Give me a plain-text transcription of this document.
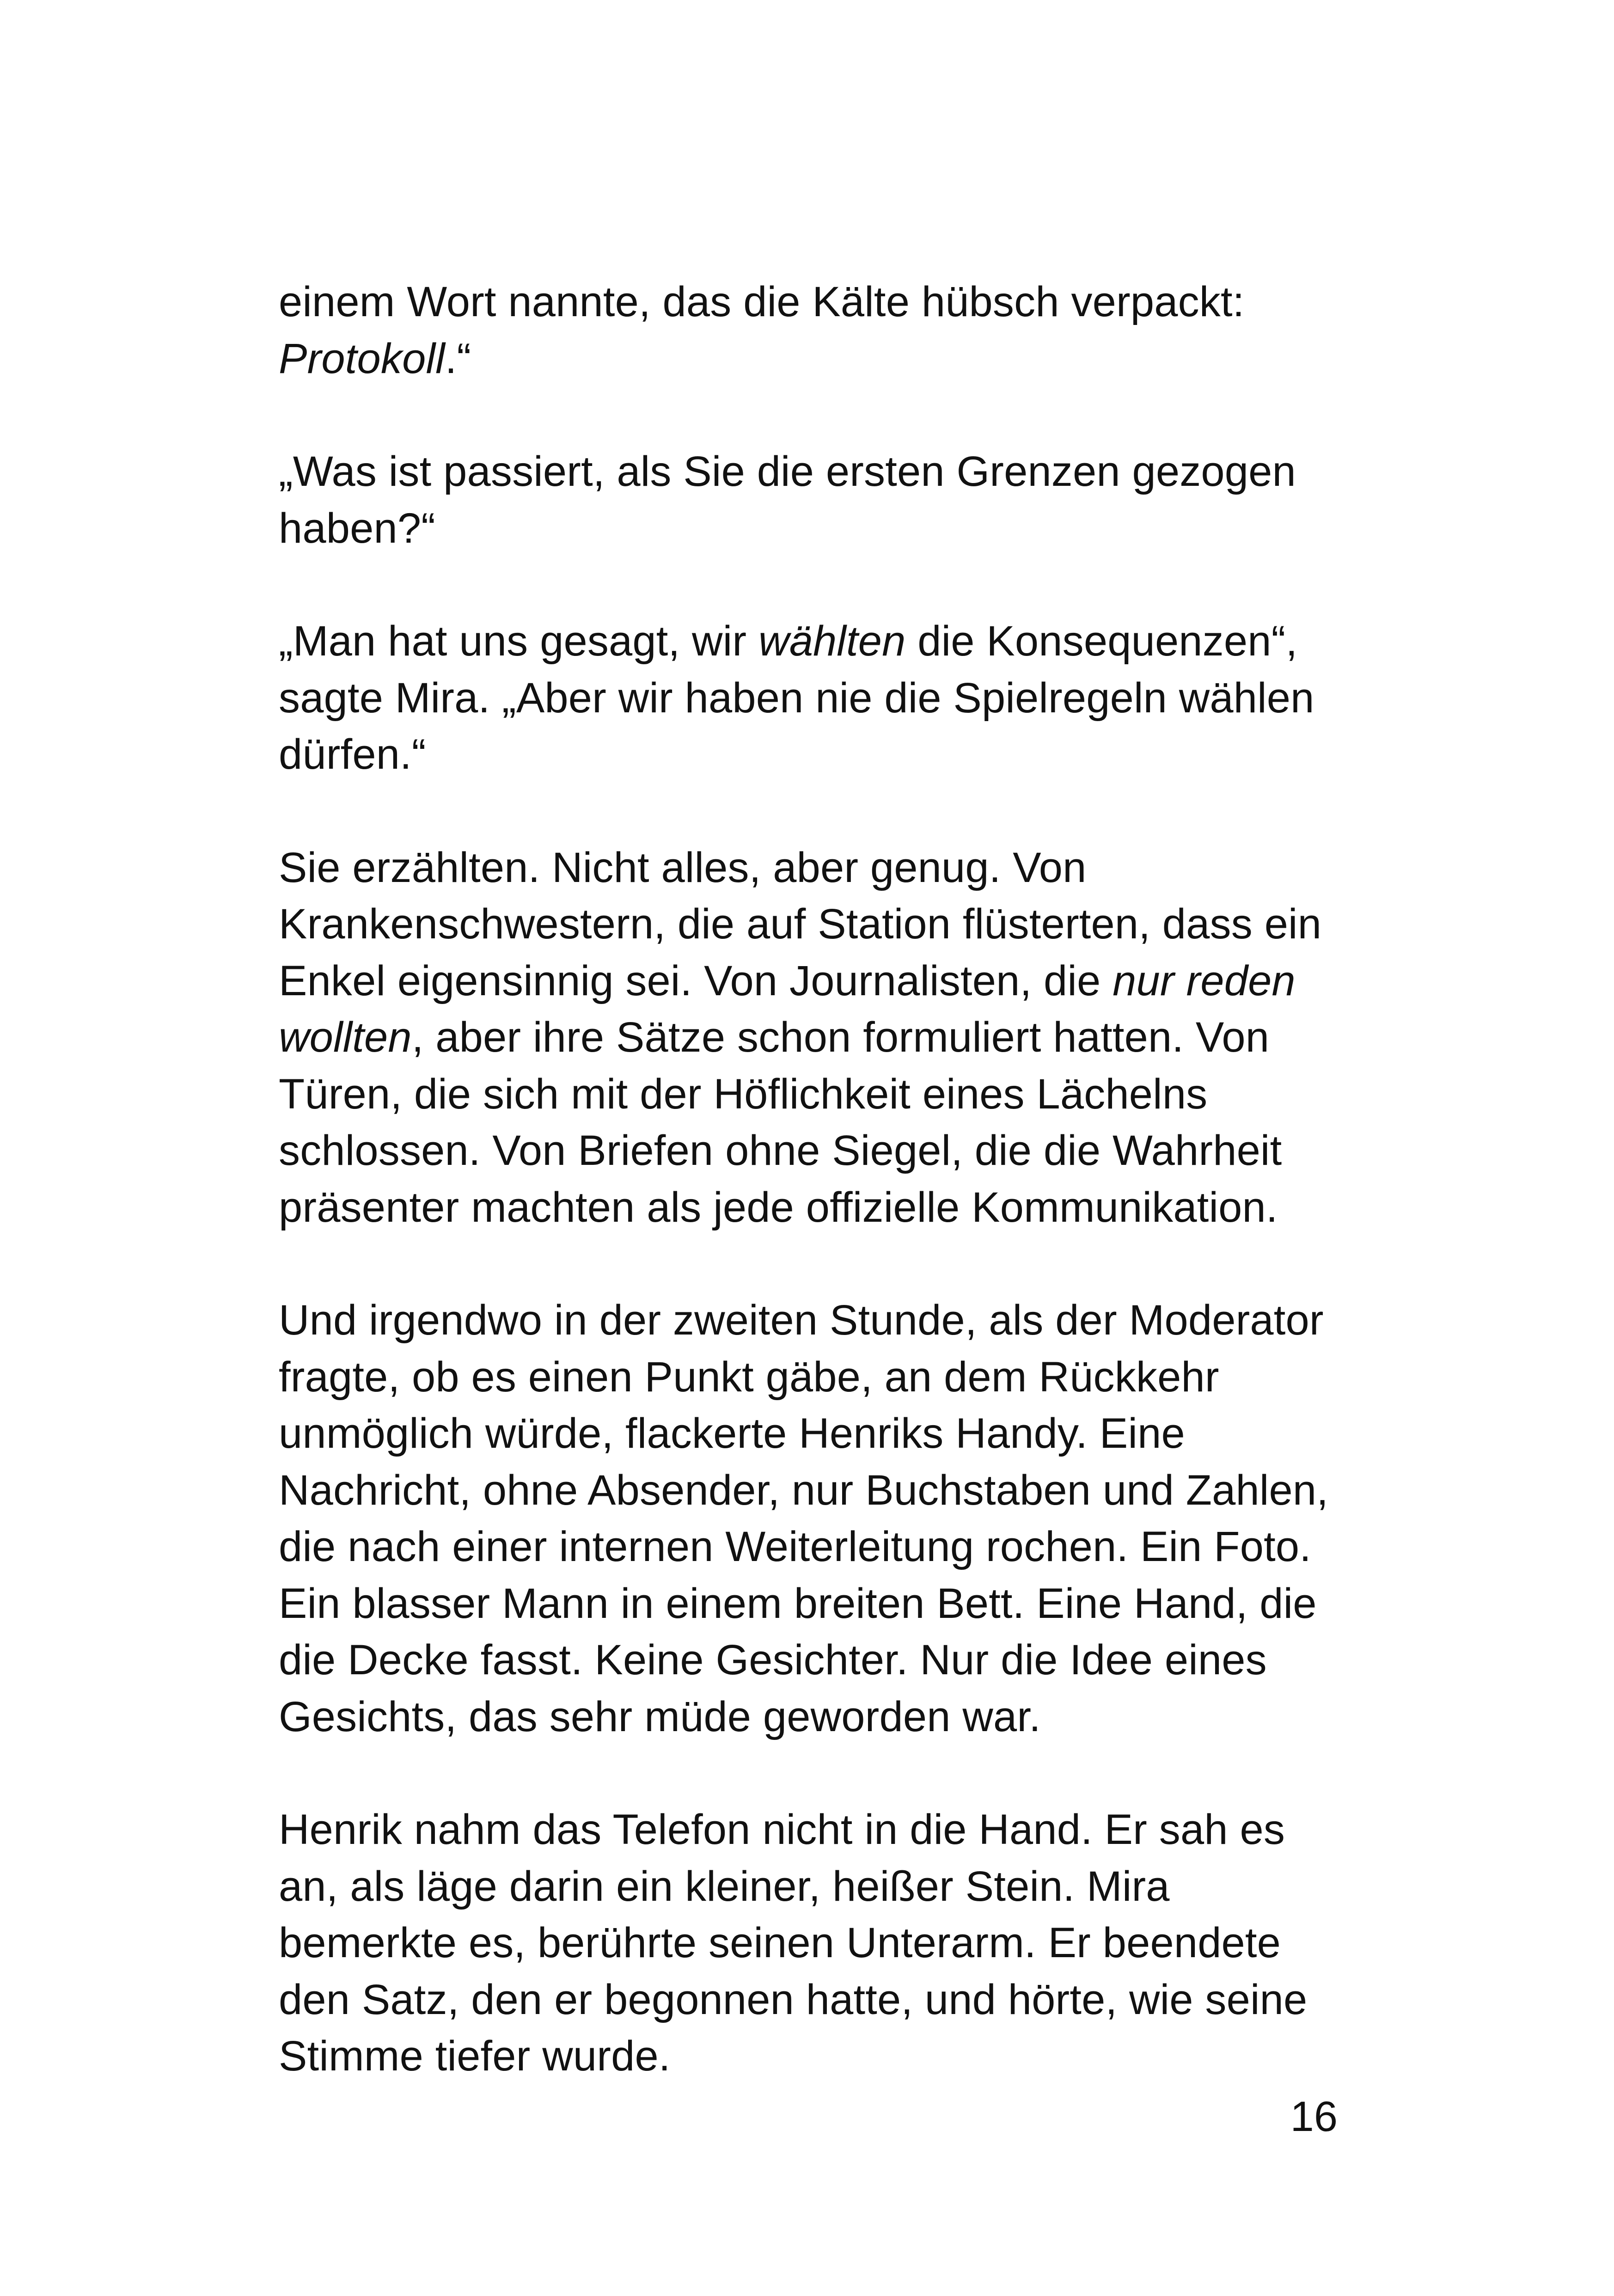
einem Wort nannte, das die Kälte hübsch verpackt:
Protokoll.“

„Was ist passiert, als Sie die ersten Grenzen gezogen
haben?“

„Man hat uns gesagt, wir wählten die Konsequenzen“,
sagte Mira. „Aber wir haben nie die Spielregeln wählen
dürfen.“

Sie erzählten. Nicht alles, aber genug. Von
Krankenschwestern, die auf Station flüsterten, dass ein
Enkel eigensinnig sei. Von Journalisten, die nur reden
wollten, aber ihre Sätze schon formuliert hatten. Von
Türen, die sich mit der Höflichkeit eines Lächelns
schlossen. Von Briefen ohne Siegel, die die Wahrheit
präsenter machten als jede offizielle Kommunikation.

Und irgendwo in der zweiten Stunde, als der Moderator
fragte, ob es einen Punkt gäbe, an dem Rückkehr
unmöglich würde, flackerte Henriks Handy. Eine
Nachricht, ohne Absender, nur Buchstaben und Zahlen,
die nach einer internen Weiterleitung rochen. Ein Foto.
Ein blasser Mann in einem breiten Bett. Eine Hand, die
die Decke fasst. Keine Gesichter. Nur die Idee eines
Gesichts, das sehr müde geworden war.

Henrik nahm das Telefon nicht in die Hand. Er sah es
an, als läge darin ein kleiner, heißer Stein. Mira
bemerkte es, berührte seinen Unterarm. Er beendete
den Satz, den er begonnen hatte, und hörte, wie seine
Stimme tiefer wurde.

16
